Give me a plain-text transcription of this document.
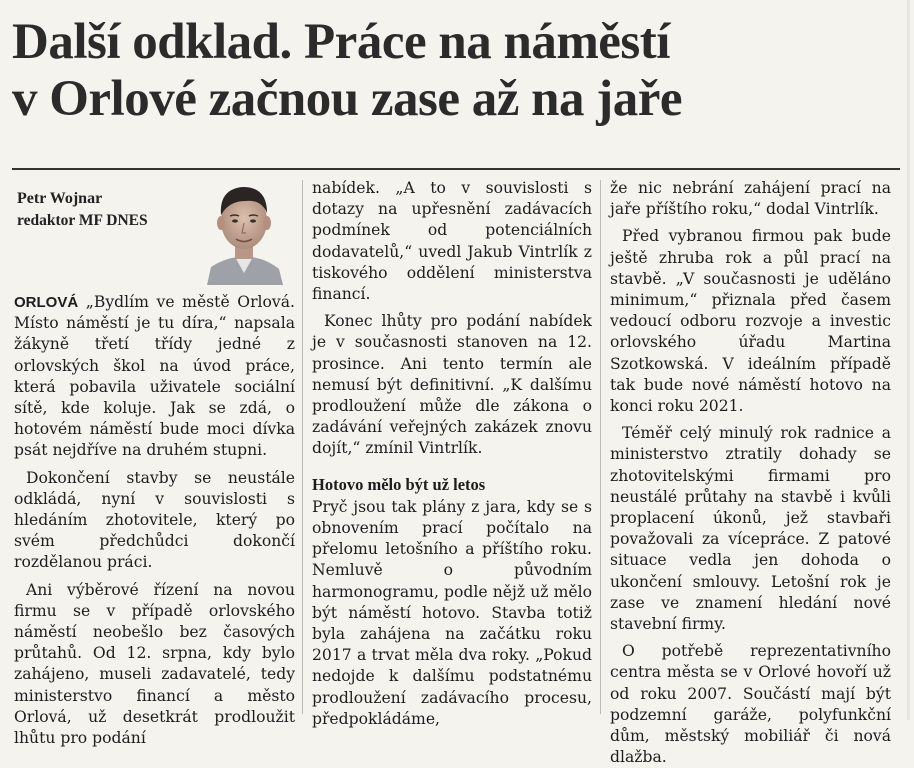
Další odklad. Práce na náměstí
v Orlové začnou zase až na jaře
Petr Wojnar
redaktor MF DNES

ORLOVÁ „Bydlím ve městě Orlová. Místo náměstí je tu díra,“ napsala žákyně třetí třídy jedné z orlovských škol na úvod práce, která pobavila uživatele sociální sítě, kde koluje. Jak se zdá, o hotovém náměstí bude moci dívka psát nejdříve na druhém stupni.

Dokončení stavby se neustále odkládá, nyní v souvislosti s hledáním zhotovitele, který po svém předchůdci dokončí rozdělanou práci.

Ani výběrové řízení na novou firmu se v případě orlovského náměstí neobešlo bez časových průtahů. Od 12. srpna, kdy bylo zahájeno, museli zadavatelé, tedy ministerstvo financí a město Orlová, už desetkrát prodloužit lhůtu pro podání

nabídek. „A to v souvislosti s dotazy na upřesnění zadávacích podmínek od potenciálních dodavatelů,“ uvedl Jakub Vintrlík z tiskového oddělení ministerstva financí.

Konec lhůty pro podání nabídek je v současnosti stanoven na 12. prosince. Ani tento termín ale nemusí být definitivní. „K dalšímu prodloužení může dle zákona o zadávání veřejných zakázek znovu dojít,“ zmínil Vintrlík.

Hotovo mělo být už letos

Pryč jsou tak plány z jara, kdy se s obnovením prací počítalo na přelomu letošního a příštího roku. Nemluvě o původním harmonogramu, podle nějž už mělo být náměstí hotovo. Stavba totiž byla zahájena na začátku roku 2017 a trvat měla dva roky. „Pokud nedojde k dalšímu podstatnému prodloužení zadávacího procesu, předpokládáme,

že nic nebrání zahájení prací na jaře příštího roku,“ dodal Vintrlík.

Před vybranou firmou pak bude ještě zhruba rok a půl prací na stavbě. „V současnosti je uděláno minimum,“ přiznala před časem vedoucí odboru rozvoje a investic orlovského úřadu Martina Szotkowská. V ideálním případě tak bude nové náměstí hotovo na konci roku 2021.

Téměř celý minulý rok radnice a ministerstvo ztratily dohady se zhotovitelskými firmami pro neustálé průtahy na stavbě i kvůli proplacení úkonů, jež stavbaři považovali za vícepráce. Z patové situace vedla jen dohoda o ukončení smlouvy. Letošní rok je zase ve znamení hledání nové stavební firmy.

O potřebě reprezentativního centra města se v Orlové hovoří už od roku 2007. Součástí mají být podzemní garáže, polyfunkční dům, městský mobiliář či nová dlažba.
